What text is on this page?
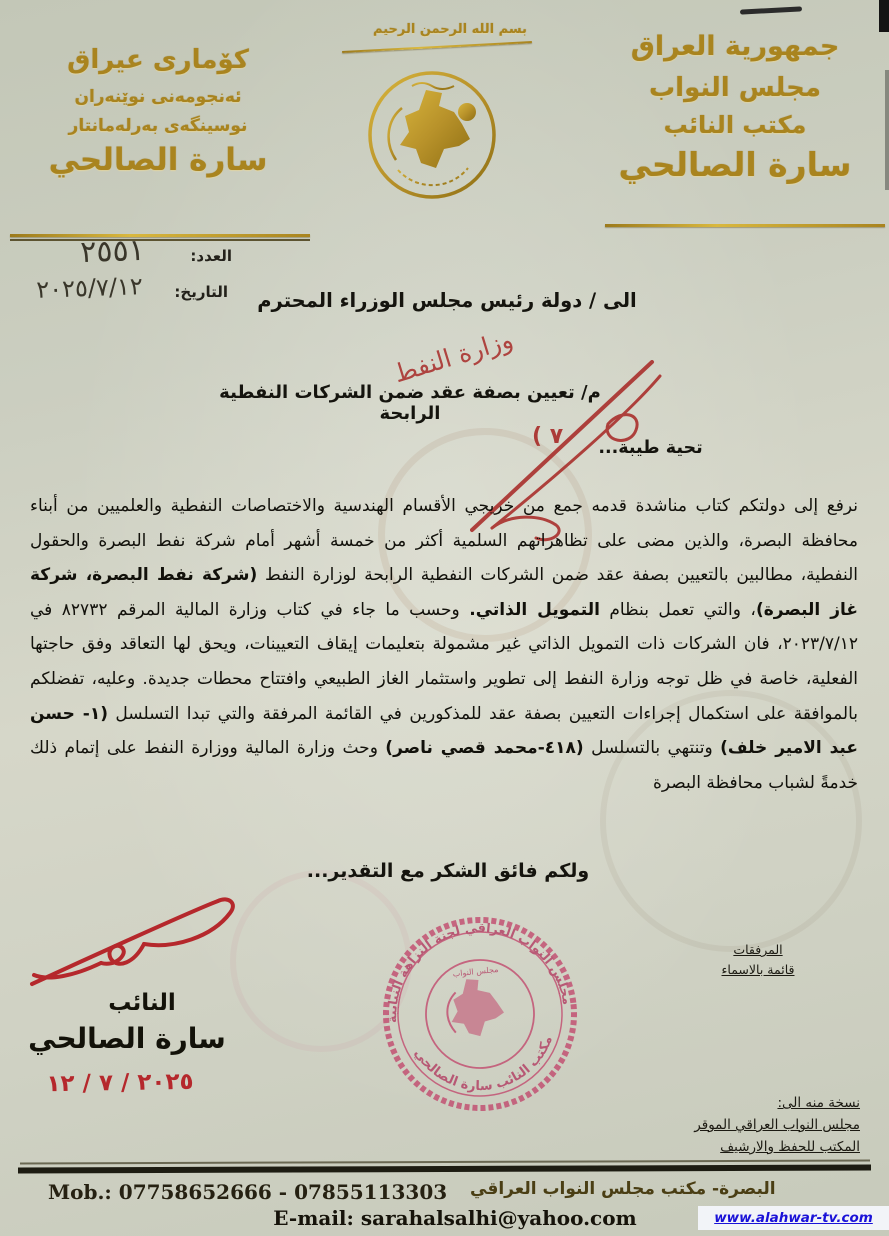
بسم الله الرحمن الرحيم
جمهورية العراق
مجلس النواب
مكتب النائب
سارة الصالحي
كۆماری عیراق
ئەنجومەنی نوێنەران
نوسینگەی بەرلەمانتار
سارة الصالحي
العدد:
٢٥٥١
التاريخ:
٢٠٢٥/٧/١٢	الى / دولة رئيس مجلس الوزراء المحترم
وزارة النفط
( ٧
م/ تعيين بصفة عقد ضمن الشركات النفطية الرابحة
تحية طيبة...
نرفع إلى دولتكم كتاب مناشدة قدمه جمع من خريجي الأقسام الهندسية والاختصاصات النفطية والعلميين من أبناء محافظة البصرة، والذين مضى على تظاهراتهم السلمية أكثر من خمسة أشهر أمام شركة نفط البصرة والحقول النفطية، مطالبين بالتعيين بصفة عقد ضمن الشركات النفطية الرابحة لوزارة النفط (شركة نفط البصرة، شركة غاز البصرة)، والتي تعمل بنظام التمويل الذاتي. وحسب ما جاء في كتاب وزارة المالية المرقم ٨٢٧٣٢ في ٢٠٢٣/٧/١٢، فان الشركات ذات التمويل الذاتي غير مشمولة بتعليمات إيقاف التعيينات، ويحق لها التعاقد وفق حاجتها الفعلية، خاصة في ظل توجه وزارة النفط إلى تطوير واستثمار الغاز الطبيعي وافتتاح محطات جديدة. وعليه، تفضلكم بالموافقة على استكمال إجراءات التعيين بصفة عقد للمذكورين في القائمة المرفقة والتي تبدا التسلسل (١- حسن عبد الامير خلف) وتنتهي بالتسلسل (٤١٨-محمد قصي ناصر) وحث وزارة المالية ووزارة النفط على إتمام ذلك خدمةً لشباب محافظة البصرة
ولكم فائق الشكر مع التقدير...
النائب
سارة الصالحي
٢٠٢٥ / ٧ / ١٢
مجلس النواب
مجلس النواب العراقي لجنة النزاهة النيابية
مكتب النائب سارة الصالحي
المرفقات
قائمة بالاسماء
نسخة منه الى:
مجلس النواب العراقي الموقر
المكتب للحفظ والارشيف
البصرة- مكتب مجلس النواب العراقي
Mob.: 07758652666 - 07855113303
E-mail: sarahalsalhi@yahoo.com	www.alahwar-tv.com
